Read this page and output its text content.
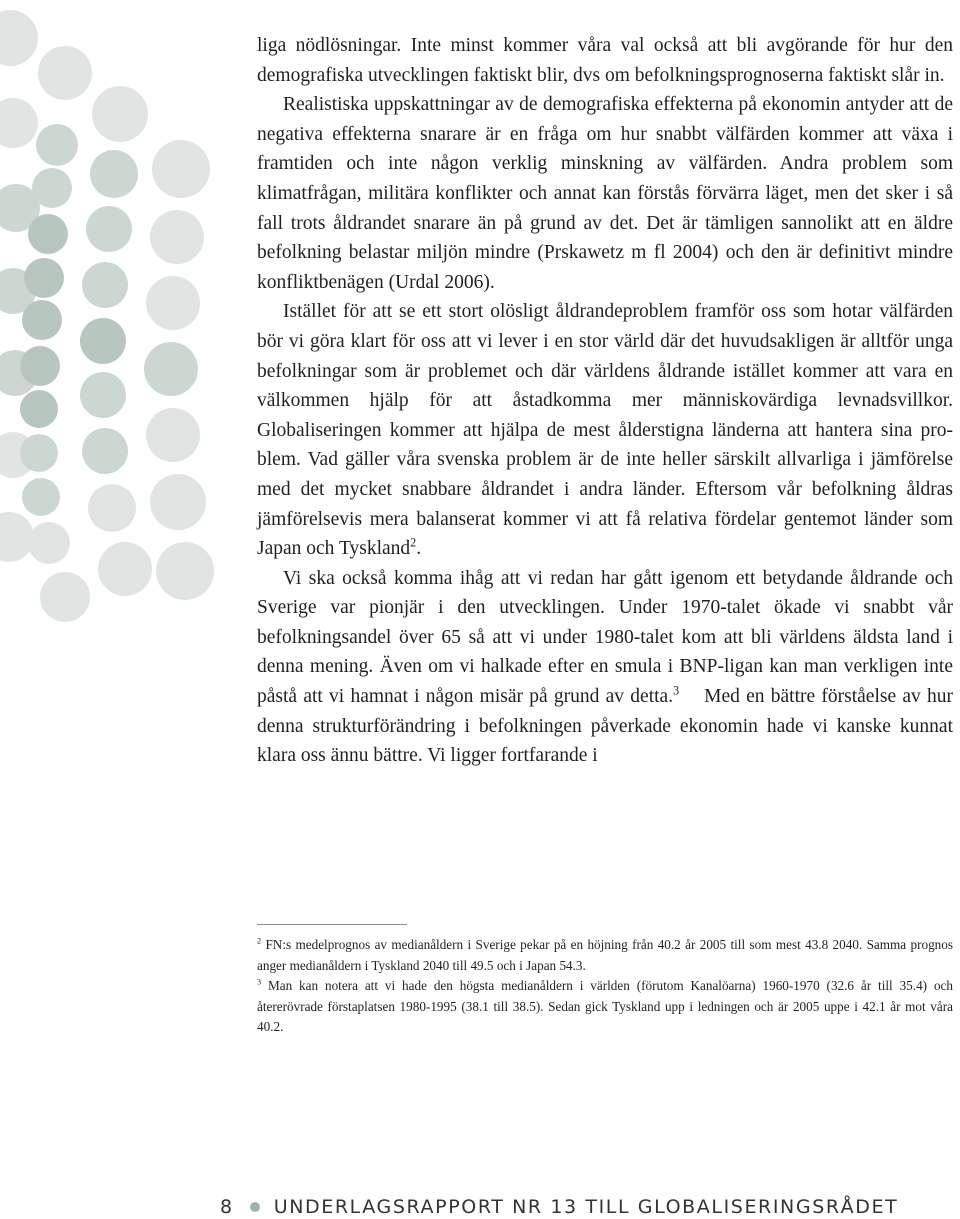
liga nödlösningar. Inte minst kommer våra val också att bli avgörande för hur den demografiska utvecklingen faktiskt blir, dvs om befolkningsprognoserna faktiskt slår in.

Realistiska uppskattningar av de demografiska effekterna på ekonomin antyder att de negativa effekterna snarare är en fråga om hur snabbt välfärden kommer att växa i framtiden och inte någon verklig minskning av välfärden. Andra problem som klimatfrågan, militära konflikter och annat kan förstås förvärra läget, men det sker i så fall trots åldrandet snarare än på grund av det. Det är tämligen sannolikt att en äldre befolkning belastar miljön mindre (Prskawetz m fl 2004) och den är definitivt mindre konfliktbenägen (Urdal 2006).

Istället för att se ett stort olösligt åldrandeproblem framför oss som hotar välfärden bör vi göra klart för oss att vi lever i en stor värld där det huvudsakligen är alltför unga befolkningar som är problemet och där världens åldrande istället kommer att vara en välkommen hjälp för att åstadkomma mer människovärdiga levnadsvillkor. Globaliseringen kommer att hjälpa de mest ålderstigna länderna att hantera sina problem. Vad gäller våra svenska problem är de inte heller särskilt allvarliga i jämförelse med det mycket snabbare åldrandet i andra länder. Eftersom vår befolkning åldras jämförelsevis mera balanserat kommer vi att få relativa fördelar gentemot länder som Japan och Tyskland$^2$.

Vi ska också komma ihåg att vi redan har gått igenom ett betydande åldrande och Sverige var pionjär i den utvecklingen. Under 1970-talet ökade vi snabbt vår befolkningsandel över 65 så att vi under 1980-talet kom att bli världens äldsta land i denna mening. Även om vi halkade efter en smula i BNP-ligan kan man verkligen inte påstå att vi hamnat i någon misär på grund av detta.$^3$ Med en bättre förståelse av hur denna strukturförändring i befolkningen påverkade ekonomin hade vi kanske kunnat klara oss ännu bättre. Vi ligger fortfarande i

$^2$ FN:s medelprognos av medianåldern i Sverige pekar på en höjning från 40.2 år 2005 till som mest 43.8 2040. Samma prognos anger medianåldern i Tyskland 2040 till 49.5 och i Japan 54.3.

$^3$ Man kan notera att vi hade den högsta medianåldern i världen (förutom Kanalöarna) 1960-1970 (32.6 år till 35.4) och återerövrade förstaplatsen 1980-1995 (38.1 till 38.5). Sedan gick Tyskland upp i ledningen och är 2005 uppe i 42.1 år mot våra 40.2.

8 UNDERLAGSRAPPORT NR 13 TILL GLOBALISERINGSRÅDET
